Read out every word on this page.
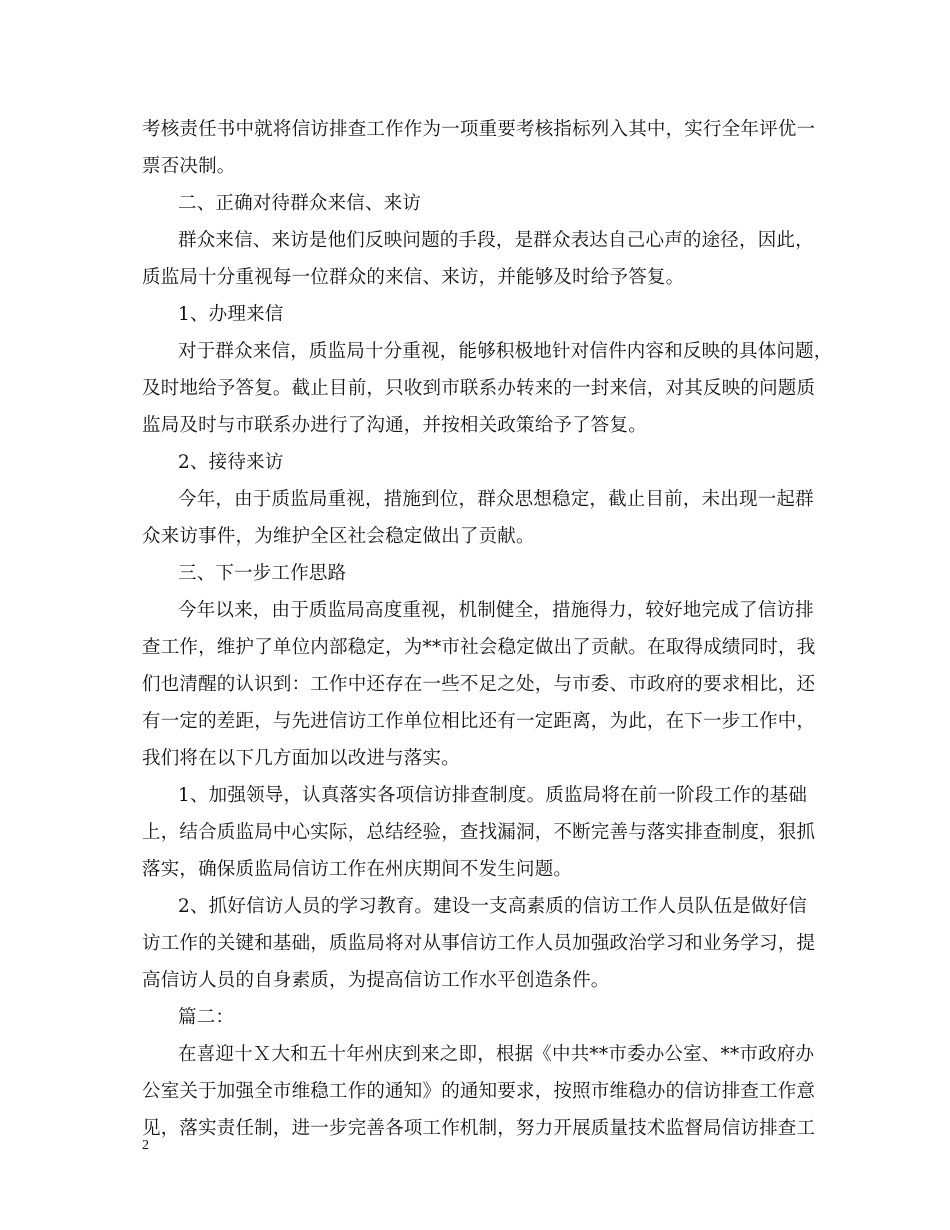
考核责任书中就将信访排查工作作为一项重要考核指标列入其中，实行全年评优一
票否决制。
二、正确对待群众来信、来访
群众来信、来访是他们反映问题的手段，是群众表达自己心声的途径，因此，
质监局十分重视每一位群众的来信、来访，并能够及时给予答复。
1、办理来信
对于群众来信，质监局十分重视，能够积极地针对信件内容和反映的具体问题，
及时地给予答复。截止目前，只收到市联系办转来的一封来信，对其反映的问题质
监局及时与市联系办进行了沟通，并按相关政策给予了答复。
2、接待来访
今年，由于质监局重视，措施到位，群众思想稳定，截止目前，未出现一起群
众来访事件，为维护全区社会稳定做出了贡献。
三、下一步工作思路
今年以来，由于质监局高度重视，机制健全，措施得力，较好地完成了信访排
查工作，维护了单位内部稳定，为**市社会稳定做出了贡献。在取得成绩同时，我
们也清醒的认识到：工作中还存在一些不足之处，与市委、市政府的要求相比，还
有一定的差距，与先进信访工作单位相比还有一定距离，为此，在下一步工作中，
我们将在以下几方面加以改进与落实。
1、加强领导，认真落实各项信访排查制度。质监局将在前一阶段工作的基础
上，结合质监局中心实际，总结经验，查找漏洞，不断完善与落实排查制度，狠抓
落实，确保质监局信访工作在州庆期间不发生问题。
2、抓好信访人员的学习教育。建设一支高素质的信访工作人员队伍是做好信
访工作的关键和基础，质监局将对从事信访工作人员加强政治学习和业务学习，提
高信访人员的自身素质，为提高信访工作水平创造条件。
篇二：
在喜迎十Ｘ大和五十年州庆到来之即，根据《中共**市委办公室、**市政府办
公室关于加强全市维稳工作的通知》的通知要求，按照市维稳办的信访排查工作意
见，落实责任制，进一步完善各项工作机制，努力开展质量技术监督局信访排查工
2
